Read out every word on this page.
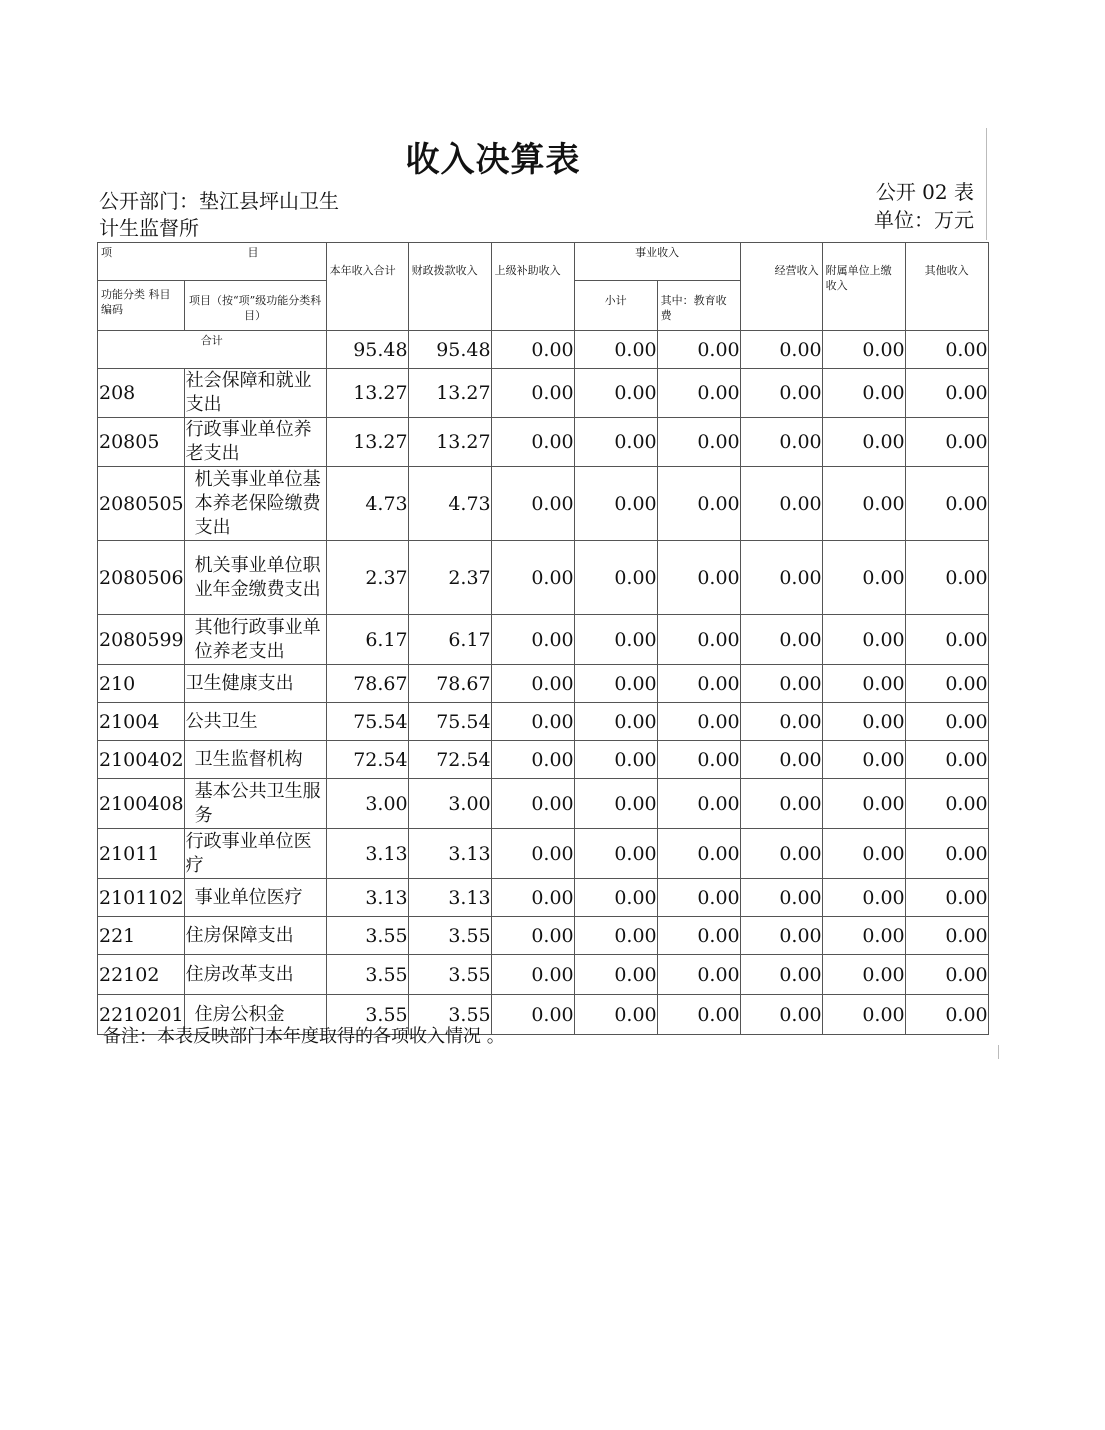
收入决算表
公开部门：垫江县坪山卫生计生监督所
公开 02 表
单位：万元
项 目		本年收入合计	财政拨款收入	上级补助收入	事业收入		经营收入	附属单位上缴收入	其他收入
功能分类 科目编码	项目（按“项”级功能分类科目）				小计	其中：教育收费			
合计		95.48	95.48	0.00	0.00	0.00	0.00	0.00	0.00
208	社会保障和就业支出	13.27	13.27	0.00	0.00	0.00	0.00	0.00	0.00
20805	行政事业单位养老支出	13.27	13.27	0.00	0.00	0.00	0.00	0.00	0.00
2080505	机关事业单位基本养老保险缴费支出	4.73	4.73	0.00	0.00	0.00	0.00	0.00	0.00
2080506	机关事业单位职业年金缴费支出	2.37	2.37	0.00	0.00	0.00	0.00	0.00	0.00
2080599	其他行政事业单位养老支出	6.17	6.17	0.00	0.00	0.00	0.00	0.00	0.00
210	卫生健康支出	78.67	78.67	0.00	0.00	0.00	0.00	0.00	0.00
21004	公共卫生	75.54	75.54	0.00	0.00	0.00	0.00	0.00	0.00
2100402	卫生监督机构	72.54	72.54	0.00	0.00	0.00	0.00	0.00	0.00
2100408	基本公共卫生服务	3.00	3.00	0.00	0.00	0.00	0.00	0.00	0.00
21011	行政事业单位医疗	3.13	3.13	0.00	0.00	0.00	0.00	0.00	0.00
2101102	事业单位医疗	3.13	3.13	0.00	0.00	0.00	0.00	0.00	0.00
221	住房保障支出	3.55	3.55	0.00	0.00	0.00	0.00	0.00	0.00
22102	住房改革支出	3.55	3.55	0.00	0.00	0.00	0.00	0.00	0.00
2210201	住房公积金	3.55	3.55	0.00	0.00	0.00	0.00	0.00	0.00
备注：本表反映部门本年度取得的各项收入情况 。
